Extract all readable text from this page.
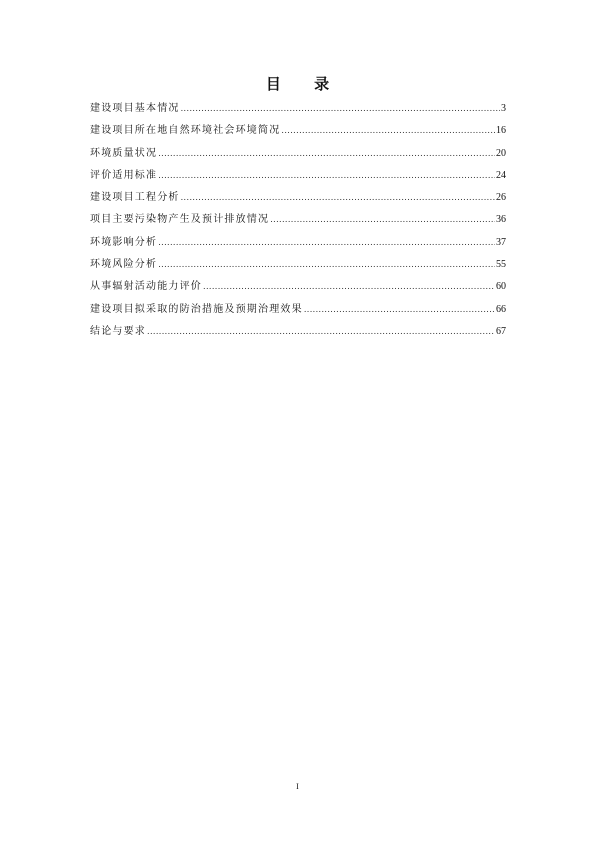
目 录
建设项目基本情况 .....	3
建设项目所在地自然环境社会环境简况 .....	16
环境质量状况 .....	20
评价适用标准 .....	24
建设项目工程分析 .....	26
项目主要污染物产生及预计排放情况 .....	36
环境影响分析 .....	37
环境风险分析 .....	55
从事辐射活动能力评价 .....	60
建设项目拟采取的防治措施及预期治理效果 .....	66
结论与要求 .....	67
I
